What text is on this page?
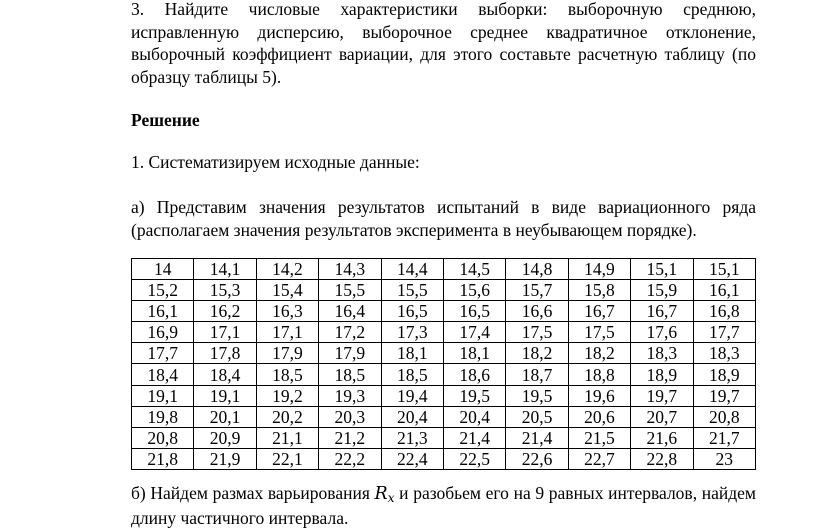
3. Найдите числовые характеристики выборки: выборочную среднюю, исправленную дисперсию, выборочное среднее квадратичное отклонение, выборочный коэффициент вариации, для этого составьте расчетную таблицу (по образцу таблицы 5).

Решение

1. Систематизируем исходные данные:

а) Представим значения результатов испытаний в виде вариационного ряда (располагаем значения результатов эксперимента в неубывающем порядке).

14	14,1	14,2	14,3	14,4	14,5	14,8	14,9	15,1	15,1
15,2	15,3	15,4	15,5	15,5	15,6	15,7	15,8	15,9	16,1
16,1	16,2	16,3	16,4	16,5	16,5	16,6	16,7	16,7	16,8
16,9	17,1	17,1	17,2	17,3	17,4	17,5	17,5	17,6	17,7
17,7	17,8	17,9	17,9	18,1	18,1	18,2	18,2	18,3	18,3
18,4	18,4	18,5	18,5	18,5	18,6	18,7	18,8	18,9	18,9
19,1	19,1	19,2	19,3	19,4	19,5	19,5	19,6	19,7	19,7
19,8	20,1	20,2	20,3	20,4	20,4	20,5	20,6	20,7	20,8
20,8	20,9	21,1	21,2	21,3	21,4	21,4	21,5	21,6	21,7
21,8	21,9	22,1	22,2	22,4	22,5	22,6	22,7	22,8	23

б) Найдем размах варьирования Rx и разобьем его на 9 равных интервалов, найдем длину частичного интервала.
